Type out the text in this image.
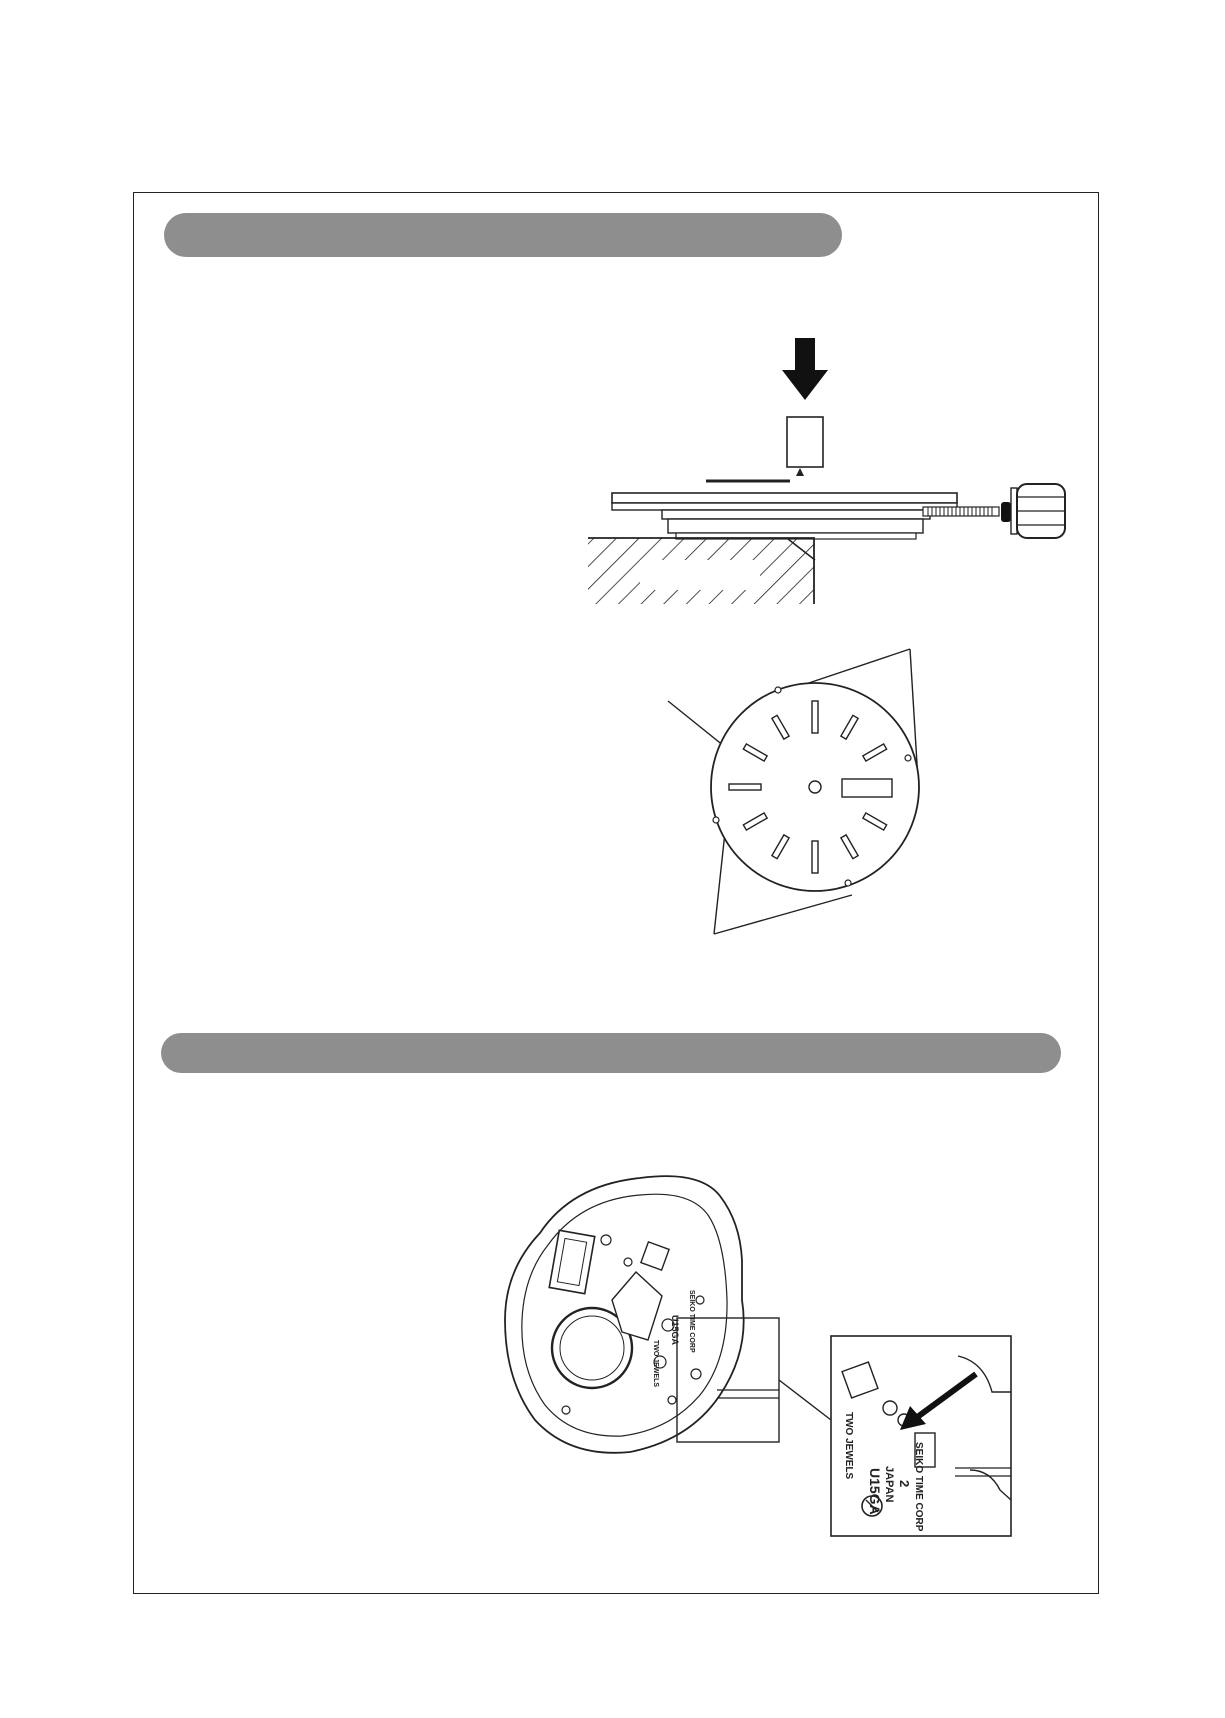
SEIKO TIME CORP
U15GA
TWO JEWELS
SEIKO TIME CORP
2
JAPAN
U15GA
TWO JEWELS
